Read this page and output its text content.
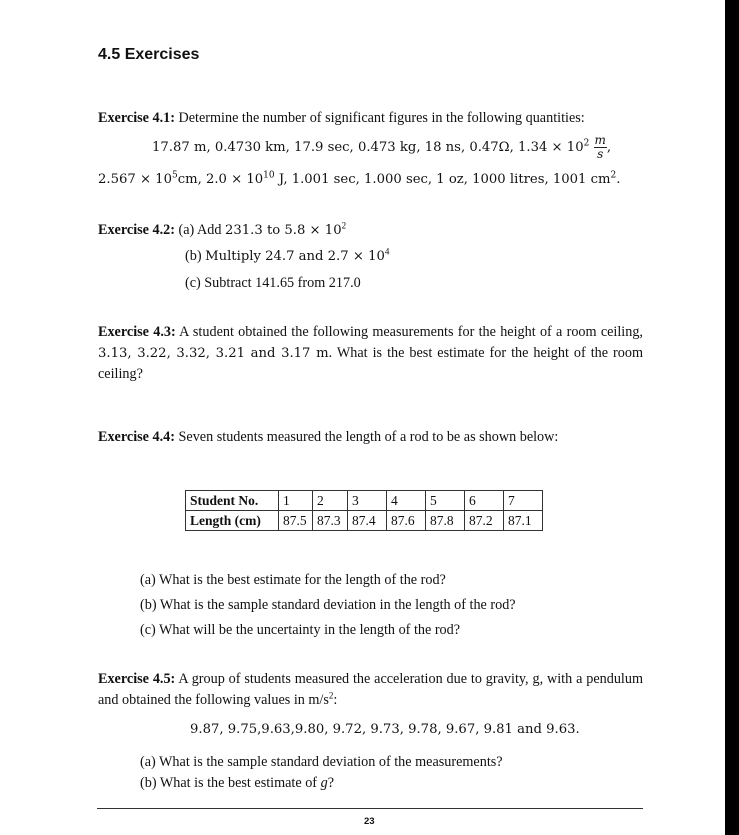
4.5 Exercises
Exercise 4.1: Determine the number of significant figures in the following quantities:
17.87 m, 0.4730 km, 17.9 sec, 0.473 kg, 18 ns, 0.47Ω, $1.34 \times 10^2 \frac{m}{s}$ ,
$2.567 \times 10^5cm$, $2.0 \times 10^{10}$ J, 1.001 sec, 1.000 sec, 1 oz, 1000 litres, 1001 $cm^2$.
Exercise 4.2: (a) Add 231.3 to $5.8 \times 10^2$
(b) Multiply 24.7 and $2.7 \times 10^4$
(c) Subtract 141.65 from 217.0
Exercise 4.3: A student obtained the following measurements for the height of a room ceiling, 3.13, 3.22, 3.32, 3.21 and 3.17 m. What is the best estimate for the height of the room ceiling?
Exercise 4.4: Seven students measured the length of a rod to be as shown below:
Student No.	1	2	3	4	5	6	7
Length (cm)	87.5	87.3	87.4	87.6	87.8	87.2	87.1
(a) What is the best estimate for the length of the rod?
(b) What is the sample standard deviation in the length of the rod?
(c) What will be the uncertainty in the length of the rod?
Exercise 4.5: A group of students measured the acceleration due to gravity, g, with a pendulum and obtained the following values in $m/s^2$:
9.87, 9.75,9.63,9.80, 9.72, 9.73, 9.78, 9.67, 9.81 and 9.63.
(a) What is the sample standard deviation of the measurements?
(b) What is the best estimate of g?
23
